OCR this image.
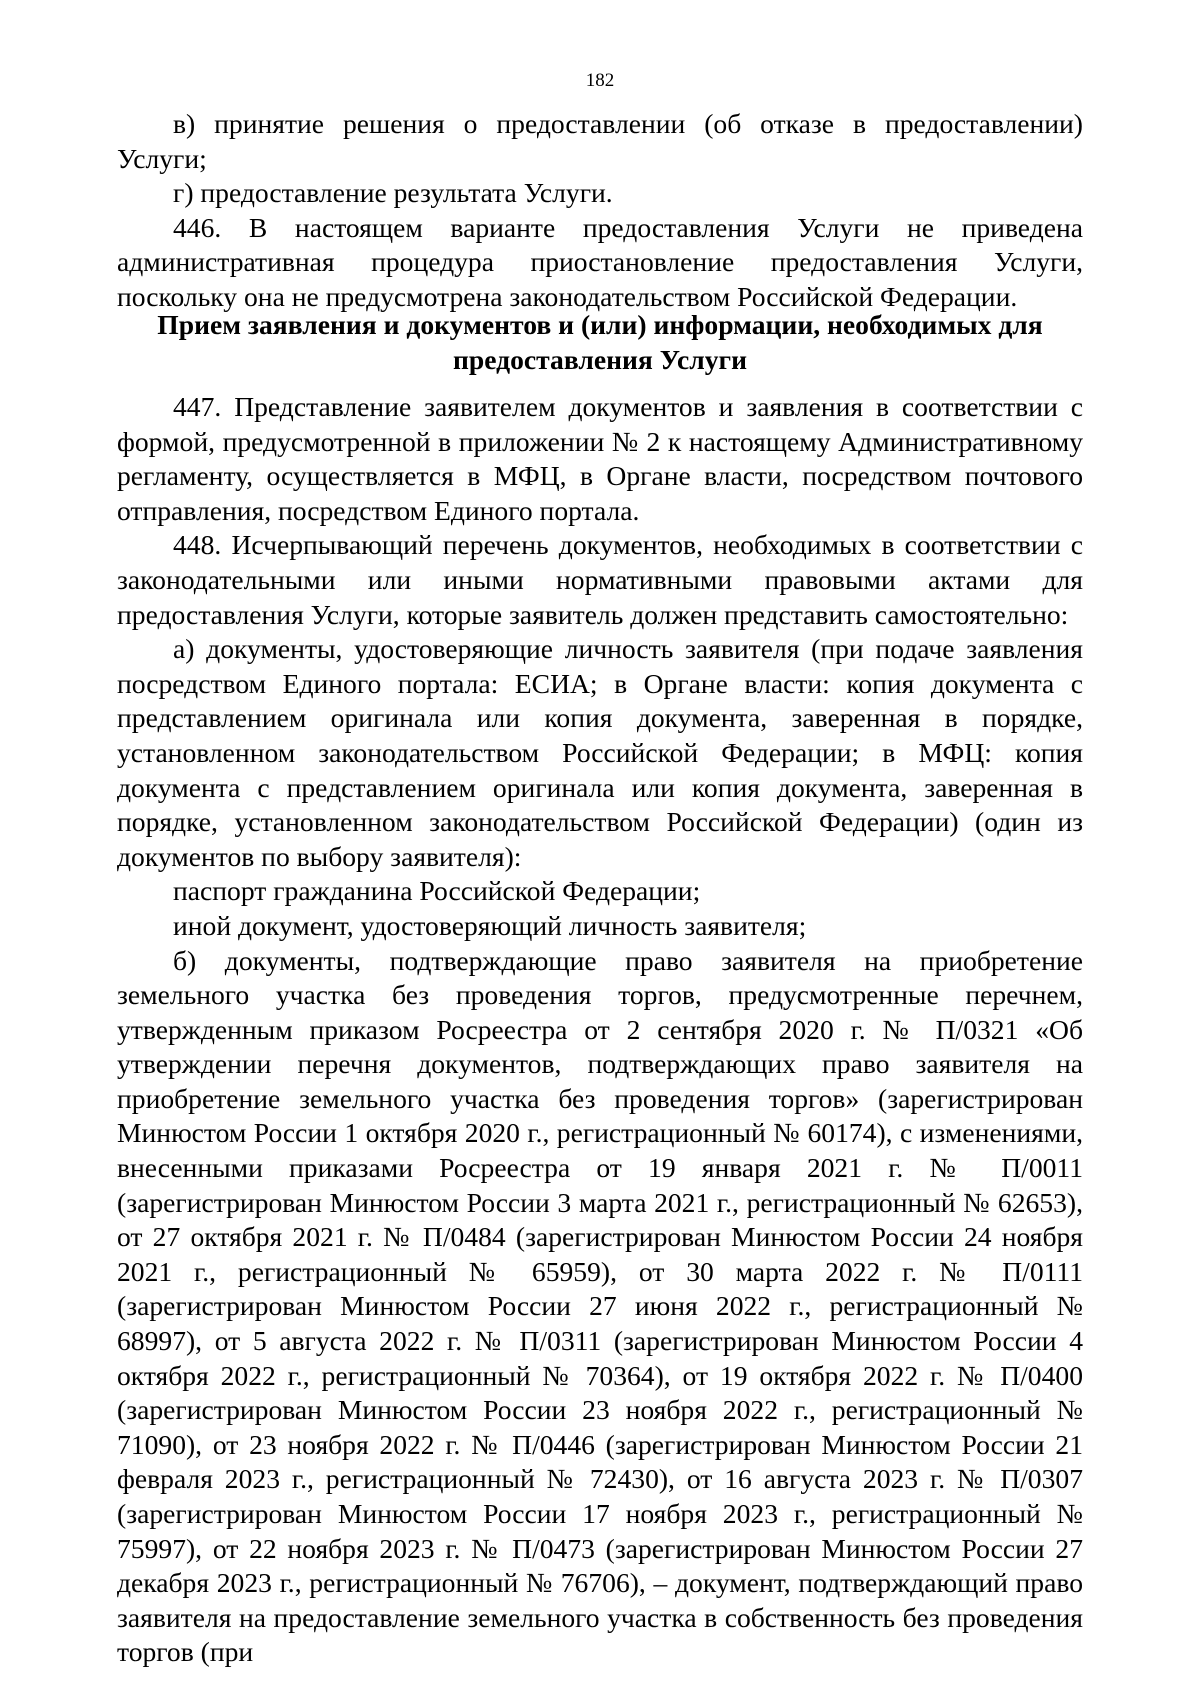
182

в) принятие решения о предоставлении (об отказе в предоставлении) Услуги;

г) предоставление результата Услуги.

446. В настоящем варианте предоставления Услуги не приведена административная процедура приостановление предоставления Услуги, поскольку она не предусмотрена законодательством Российской Федерации.

Прием заявления и документов и (или) информации, необходимых для предоставления Услуги

447. Представление заявителем документов и заявления в соответствии с формой, предусмотренной в приложении № 2 к настоящему Административному регламенту, осуществляется в МФЦ, в Органе власти, посредством почтового отправления, посредством Единого портала.

448. Исчерпывающий перечень документов, необходимых в соответствии с законодательными или иными нормативными правовыми актами для предоставления Услуги, которые заявитель должен представить самостоятельно:

а) документы, удостоверяющие личность заявителя (при подаче заявления посредством Единого портала: ЕСИА; в Органе власти: копия документа с представлением оригинала или копия документа, заверенная в порядке, установленном законодательством Российской Федерации; в МФЦ: копия документа с представлением оригинала или копия документа, заверенная в порядке, установленном законодательством Российской Федерации) (один из документов по выбору заявителя):

паспорт гражданина Российской Федерации;

иной документ, удостоверяющий личность заявителя;

б) документы, подтверждающие право заявителя на приобретение земельного участка без проведения торгов, предусмотренные перечнем, утвержденным приказом Росреестра от 2 сентября 2020 г. № П/0321 «Об утверждении перечня документов, подтверждающих право заявителя на приобретение земельного участка без проведения торгов» (зарегистрирован Минюстом России 1 октября 2020 г., регистрационный № 60174), с изменениями, внесенными приказами Росреестра от 19 января 2021 г. № П/0011 (зарегистрирован Минюстом России 3 марта 2021 г., регистрационный № 62653), от 27 октября 2021 г. № П/0484 (зарегистрирован Минюстом России 24 ноября 2021 г., регистрационный № 65959), от 30 марта 2022 г. № П/0111 (зарегистрирован Минюстом России 27 июня 2022 г., регистрационный № 68997), от 5 августа 2022 г. № П/0311 (зарегистрирован Минюстом России 4 октября 2022 г., регистрационный № 70364), от 19 октября 2022 г. № П/0400 (зарегистрирован Минюстом России 23 ноября 2022 г., регистрационный № 71090), от 23 ноября 2022 г. № П/0446 (зарегистрирован Минюстом России 21 февраля 2023 г., регистрационный № 72430), от 16 августа 2023 г. № П/0307 (зарегистрирован Минюстом России 17 ноября 2023 г., регистрационный № 75997), от 22 ноября 2023 г. № П/0473 (зарегистрирован Минюстом России 27 декабря 2023 г., регистрационный № 76706), – документ, подтверждающий право заявителя на предоставление земельного участка в собственность без проведения торгов (при
